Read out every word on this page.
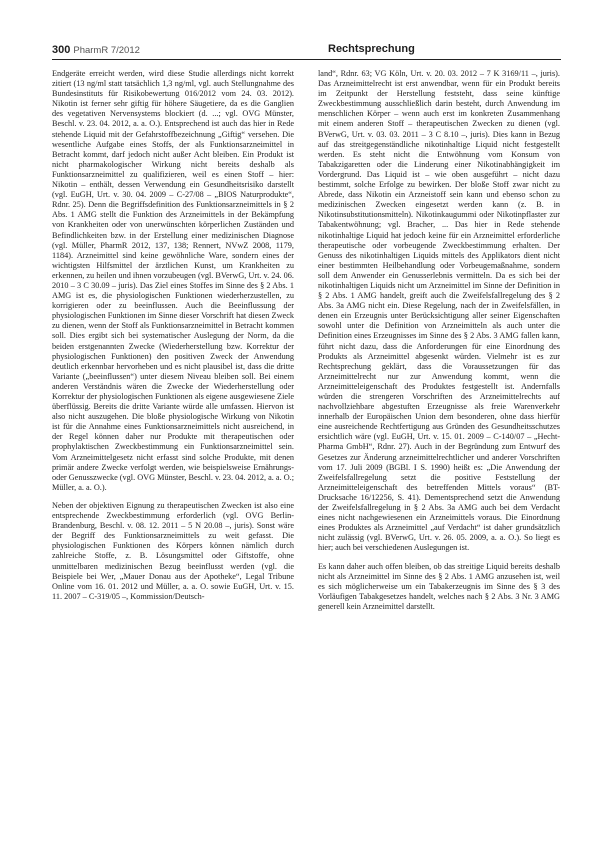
300 PharmR 7/2012	Rechtsprechung

Endgeräte erreicht werden, wird diese Studie allerdings nicht korrekt zitiert (13 ng/ml statt tatsächlich 1,3 ng/ml, vgl. auch Stellungnahme des Bundesinstituts für Risikobewertung 016/2012 vom 24. 03. 2012). Nikotin ist ferner sehr giftig für höhere Säugetiere, da es die Ganglien des vegetativen Nervensystems blockiert (d. ...; vgl. OVG Münster, Beschl. v. 23. 04. 2012, a. a. O.). Entsprechend ist auch das hier in Rede stehende Liquid mit der Gefahrstoffbezeichnung „Giftig“ versehen. Die wesentliche Aufgabe eines Stoffs, der als Funktionsarzneimittel in Betracht kommt, darf jedoch nicht außer Acht bleiben. Ein Produkt ist nicht pharmakologischer Wirkung nicht bereits deshalb als Funktionsarzneimittel zu qualifizieren, weil es einen Stoff – hier: Nikotin – enthält, dessen Verwendung ein Gesundheitsrisiko darstellt (vgl. EuGH, Urt. v. 30. 04. 2009 – C-27/08 – „BIOS Naturprodukte“, Rdnr. 25). Denn die Begriffsdefinition des Funktionsarzneimittels in § 2 Abs. 1 AMG stellt die Funktion des Arzneimittels in der Bekämpfung von Krankheiten oder von unerwünschten körperlichen Zuständen und Befindlichkeiten bzw. in der Erstellung einer medizinischen Diagnose (vgl. Müller, PharmR 2012, 137, 138; Rennert, NVwZ 2008, 1179, 1184). Arzneimittel sind keine gewöhnliche Ware, sondern eines der wichtigsten Hilfsmittel der ärztlichen Kunst, um Krankheiten zu erkennen, zu heilen und ihnen vorzubeugen (vgl. BVerwG, Urt. v. 24. 06. 2010 – 3 C 30.09 – juris). Das Ziel eines Stoffes im Sinne des § 2 Abs. 1 AMG ist es, die physiologischen Funktionen wiederherzustellen, zu korrigieren oder zu beeinflussen. Auch die Beeinflussung der physiologischen Funktionen im Sinne dieser Vorschrift hat diesen Zweck zu dienen, wenn der Stoff als Funktionsarzneimittel in Betracht kommen soll. Dies ergibt sich bei systematischer Auslegung der Norm, da die beiden erstgenannten Zwecke (Wiederherstellung bzw. Korrektur der physiologischen Funktionen) den positiven Zweck der Anwendung deutlich erkennbar hervorheben und es nicht plausibel ist, dass die dritte Variante („beeinflussen“) unter diesem Niveau bleiben soll. Bei einem anderen Verständnis wären die Zwecke der Wiederherstellung oder Korrektur der physiologischen Funktionen als eigene ausgewiesene Ziele überflüssig. Bereits die dritte Variante würde alle umfassen. Hiervon ist also nicht auszugehen. Die bloße physiologische Wirkung von Nikotin ist für die Annahme eines Funktionsarzneimittels nicht ausreichend, in der Regel können daher nur Produkte mit therapeutischen oder prophylaktischen Zweckbestimmung ein Funktionsarzneimittel sein. Vom Arzneimittelgesetz nicht erfasst sind solche Produkte, mit denen primär andere Zwecke verfolgt werden, wie beispielsweise Ernährungs- oder Genusszwecke (vgl. OVG Münster, Beschl. v. 23. 04. 2012, a. a. O.; Müller, a. a. O.).

Neben der objektiven Eignung zu therapeutischen Zwecken ist also eine entsprechende Zweckbestimmung erforderlich (vgl. OVG Berlin-Brandenburg, Beschl. v. 08. 12. 2011 – 5 N 20.08 –, juris). Sonst wäre der Begriff des Funktionsarzneimittels zu weit gefasst. Die physiologischen Funktionen des Körpers können nämlich durch zahlreiche Stoffe, z. B. Lösungsmittel oder Giftstoffe, ohne unmittelbaren medizinischen Bezug beeinflusst werden (vgl. die Beispiele bei Wer, „Mauer Donau aus der Apotheke“, Legal Tribune Online vom 16. 01. 2012 und Müller, a. a. O. sowie EuGH, Urt. v. 15. 11. 2007 – C-319/05 –, Kommission/Deutsch-

land“, Rdnr. 63; VG Köln, Urt. v. 20. 03. 2012 – 7 K 3169/11 –, juris). Das Arzneimittelrecht ist erst anwendbar, wenn für ein Produkt bereits im Zeitpunkt der Herstellung feststeht, dass seine künftige Zweckbestimmung ausschließlich darin besteht, durch Anwendung im menschlichen Körper – wenn auch erst im konkreten Zusammenhang mit einem anderen Stoff – therapeutischen Zwecken zu dienen (vgl. BVerwG, Urt. v. 03. 03. 2011 – 3 C 8.10 –, juris). Dies kann in Bezug auf das streitgegenständliche nikotinhaltige Liquid nicht festgestellt werden. Es steht nicht die Entwöhnung vom Konsum von Tabakzigaretten oder die Linderung einer Nikotinabhängigkeit im Vordergrund. Das Liquid ist – wie oben ausgeführt – nicht dazu bestimmt, solche Erfolge zu bewirken. Der bloße Stoff zwar nicht zu Abrede, dass Nikotin ein Arzneistoff sein kann und ebenso schon zu medizinischen Zwecken eingesetzt werden kann (z. B. in Nikotinsubstitutionsmitteln). Nikotinkaugummi oder Nikotinpflaster zur Tabakentwöhnung; vgl. Bracher, ... Das hier in Rede stehende nikotinhaltige Liquid hat jedoch keine für ein Arzneimittel erforderliche therapeutische oder vorbeugende Zweckbestimmung erhalten. Der Genuss des nikotinhaltigen Liquids mittels des Applikators dient nicht einer bestimmten Heilbehandlung oder Vorbeugemaßnahme, sondern soll dem Anwender ein Genusserlebnis vermitteln. Da es sich bei der nikotinhaltigen Liquids nicht um Arzneimittel im Sinne der Definition in § 2 Abs. 1 AMG handelt, greift auch die Zweifelsfallregelung des § 2 Abs. 3a AMG nicht ein. Diese Regelung, nach der in Zweifelsfällen, in denen ein Erzeugnis unter Berücksichtigung aller seiner Eigenschaften sowohl unter die Definition von Arzneimitteln als auch unter die Definition eines Erzeugnisses im Sinne des § 2 Abs. 3 AMG fallen kann, führt nicht dazu, dass die Anforderungen für eine Einordnung des Produkts als Arzneimittel abgesenkt würden. Vielmehr ist es zur Rechtsprechung geklärt, dass die Voraussetzungen für das Arzneimittelrecht nur zur Anwendung kommt, wenn die Arzneimitteleigenschaft des Produktes festgestellt ist. Andernfalls würden die strengeren Vorschriften des Arzneimittelrechts auf nachvollziehbare abgestuften Erzeugnisse als freie Warenverkehr innerhalb der Europäischen Union dem besonderen, ohne dass hierfür eine ausreichende Rechtfertigung aus Gründen des Gesundheitsschutzes ersichtlich wäre (vgl. EuGH, Urt. v. 15. 01. 2009 – C-140/07 – „Hecht-Pharma GmbH“, Rdnr. 27). Auch in der Begründung zum Entwurf des Gesetzes zur Änderung arzneimittelrechtlicher und anderer Vorschriften vom 17. Juli 2009 (BGBl. I S. 1990) heißt es: „Die Anwendung der Zweifelsfallregelung setzt die positive Feststellung der Arzneimitteleigenschaft des betreffenden Mittels voraus“ (BT-Drucksache 16/12256, S. 41). Dementsprechend setzt die Anwendung der Zweifelsfallregelung in § 2 Abs. 3a AMG auch bei dem Verdacht eines nicht nachgewiesenen ein Arzneimittels voraus. Die Einordnung eines Produktes als Arzneimittel „auf Verdacht“ ist daher grundsätzlich nicht zulässig (vgl. BVerwG, Urt. v. 26. 05. 2009, a. a. O.). So liegt es hier; auch bei verschiedenen Auslegungen ist.

Es kann daher auch offen bleiben, ob das streitige Liquid bereits deshalb nicht als Arzneimittel im Sinne des § 2 Abs. 1 AMG anzusehen ist, weil es sich möglicherweise um ein Tabakerzeugnis im Sinne des § 3 des Vorläufigen Tabakgesetzes handelt, welches nach § 2 Abs. 3 Nr. 3 AMG generell kein Arzneimittel darstellt.
